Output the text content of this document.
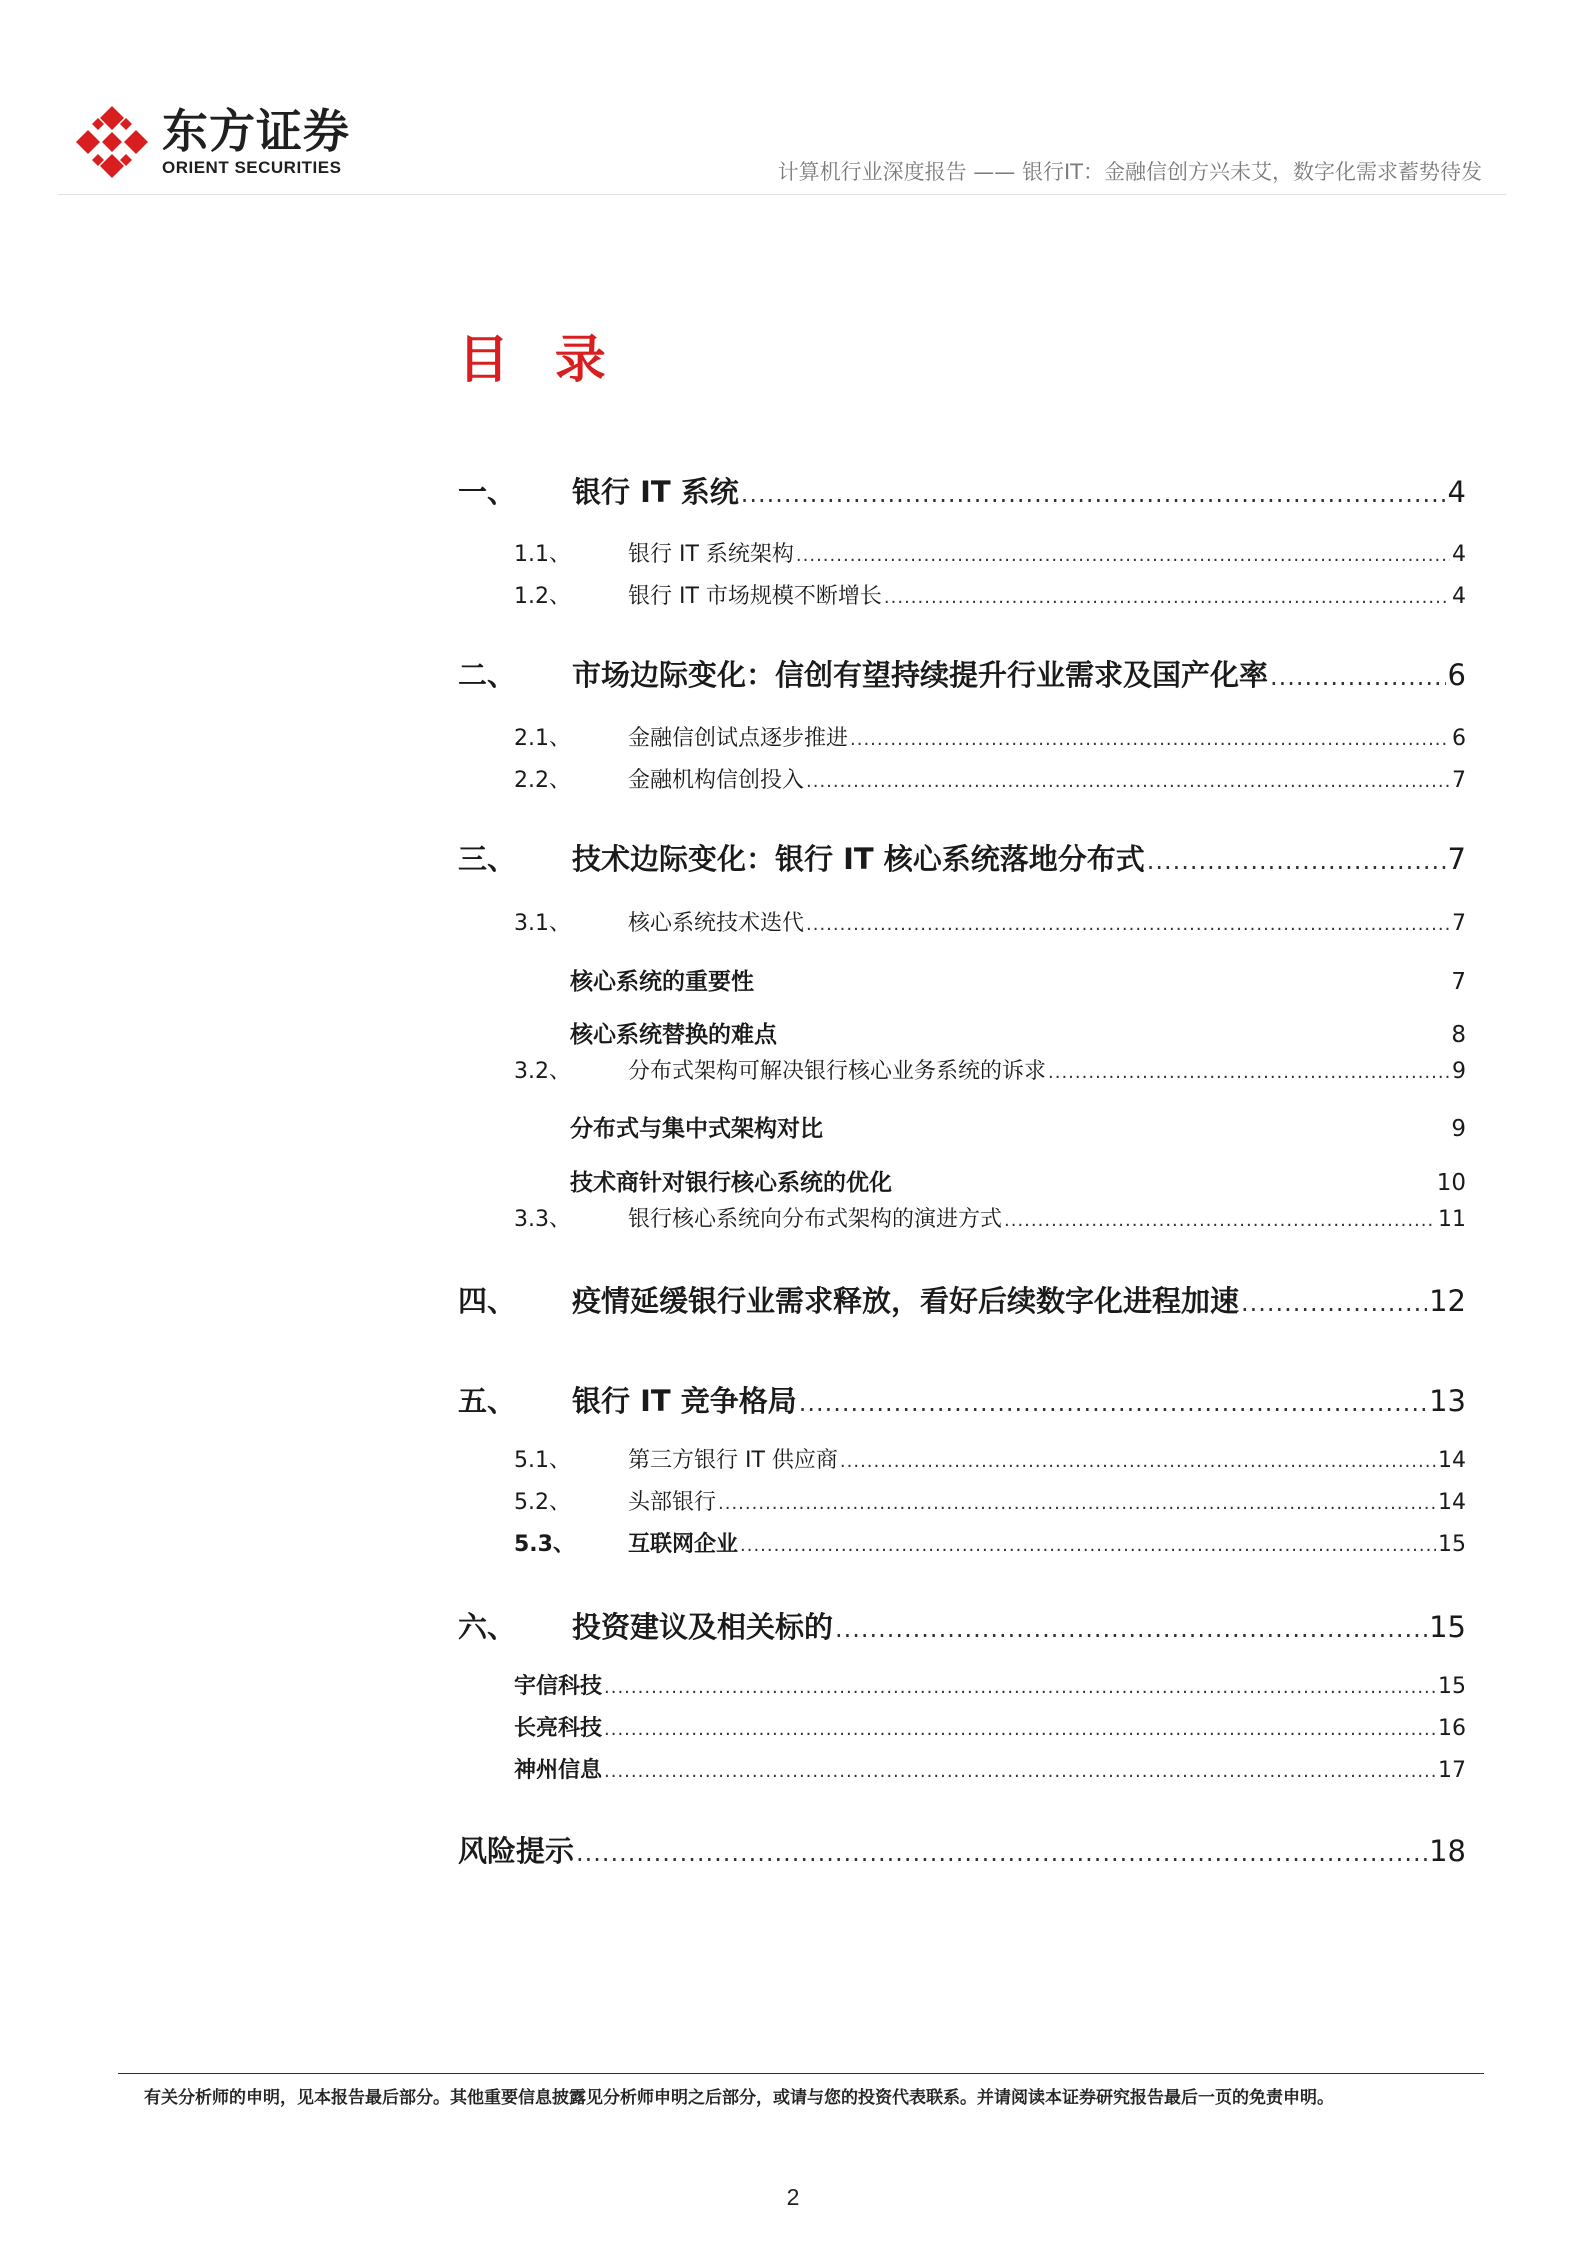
东方证券
ORIENT SECURITIES	计算机行业深度报告 —— 银行IT：金融信创方兴未艾，数字化需求蓄势待发
目 录
一、	银行 IT 系统 .....	4
1.1、	银行 IT 系统架构 .....	4
1.2、	银行 IT 市场规模不断增长 .....	4
二、	市场边际变化：信创有望持续提升行业需求及国产化率 .....	6
2.1、	金融信创试点逐步推进 .....	6
2.2、	金融机构信创投入 .....	7
三、	技术边际变化：银行 IT 核心系统落地分布式 .....	7
3.1、	核心系统技术迭代 .....	7
核心系统的重要性	7
核心系统替换的难点	8
3.2、	分布式架构可解决银行核心业务系统的诉求 .....	9
分布式与集中式架构对比	9
技术商针对银行核心系统的优化	10
3.3、	银行核心系统向分布式架构的演进方式 .....	11
四、	疫情延缓银行业需求释放，看好后续数字化进程加速 .....	12
五、	银行 IT 竞争格局 .....	13
5.1、	第三方银行 IT 供应商 .....	14
5.2、	头部银行 .....	14
5.3、	互联网企业 .....	15
六、	投资建议及相关标的 .....	15
宇信科技 .....	15
长亮科技 .....	16
神州信息 .....	17
风险提示 .....	18
有关分析师的申明，见本报告最后部分。其他重要信息披露见分析师申明之后部分，或请与您的投资代表联系。并请阅读本证券研究报告最后一页的免责申明。
2
